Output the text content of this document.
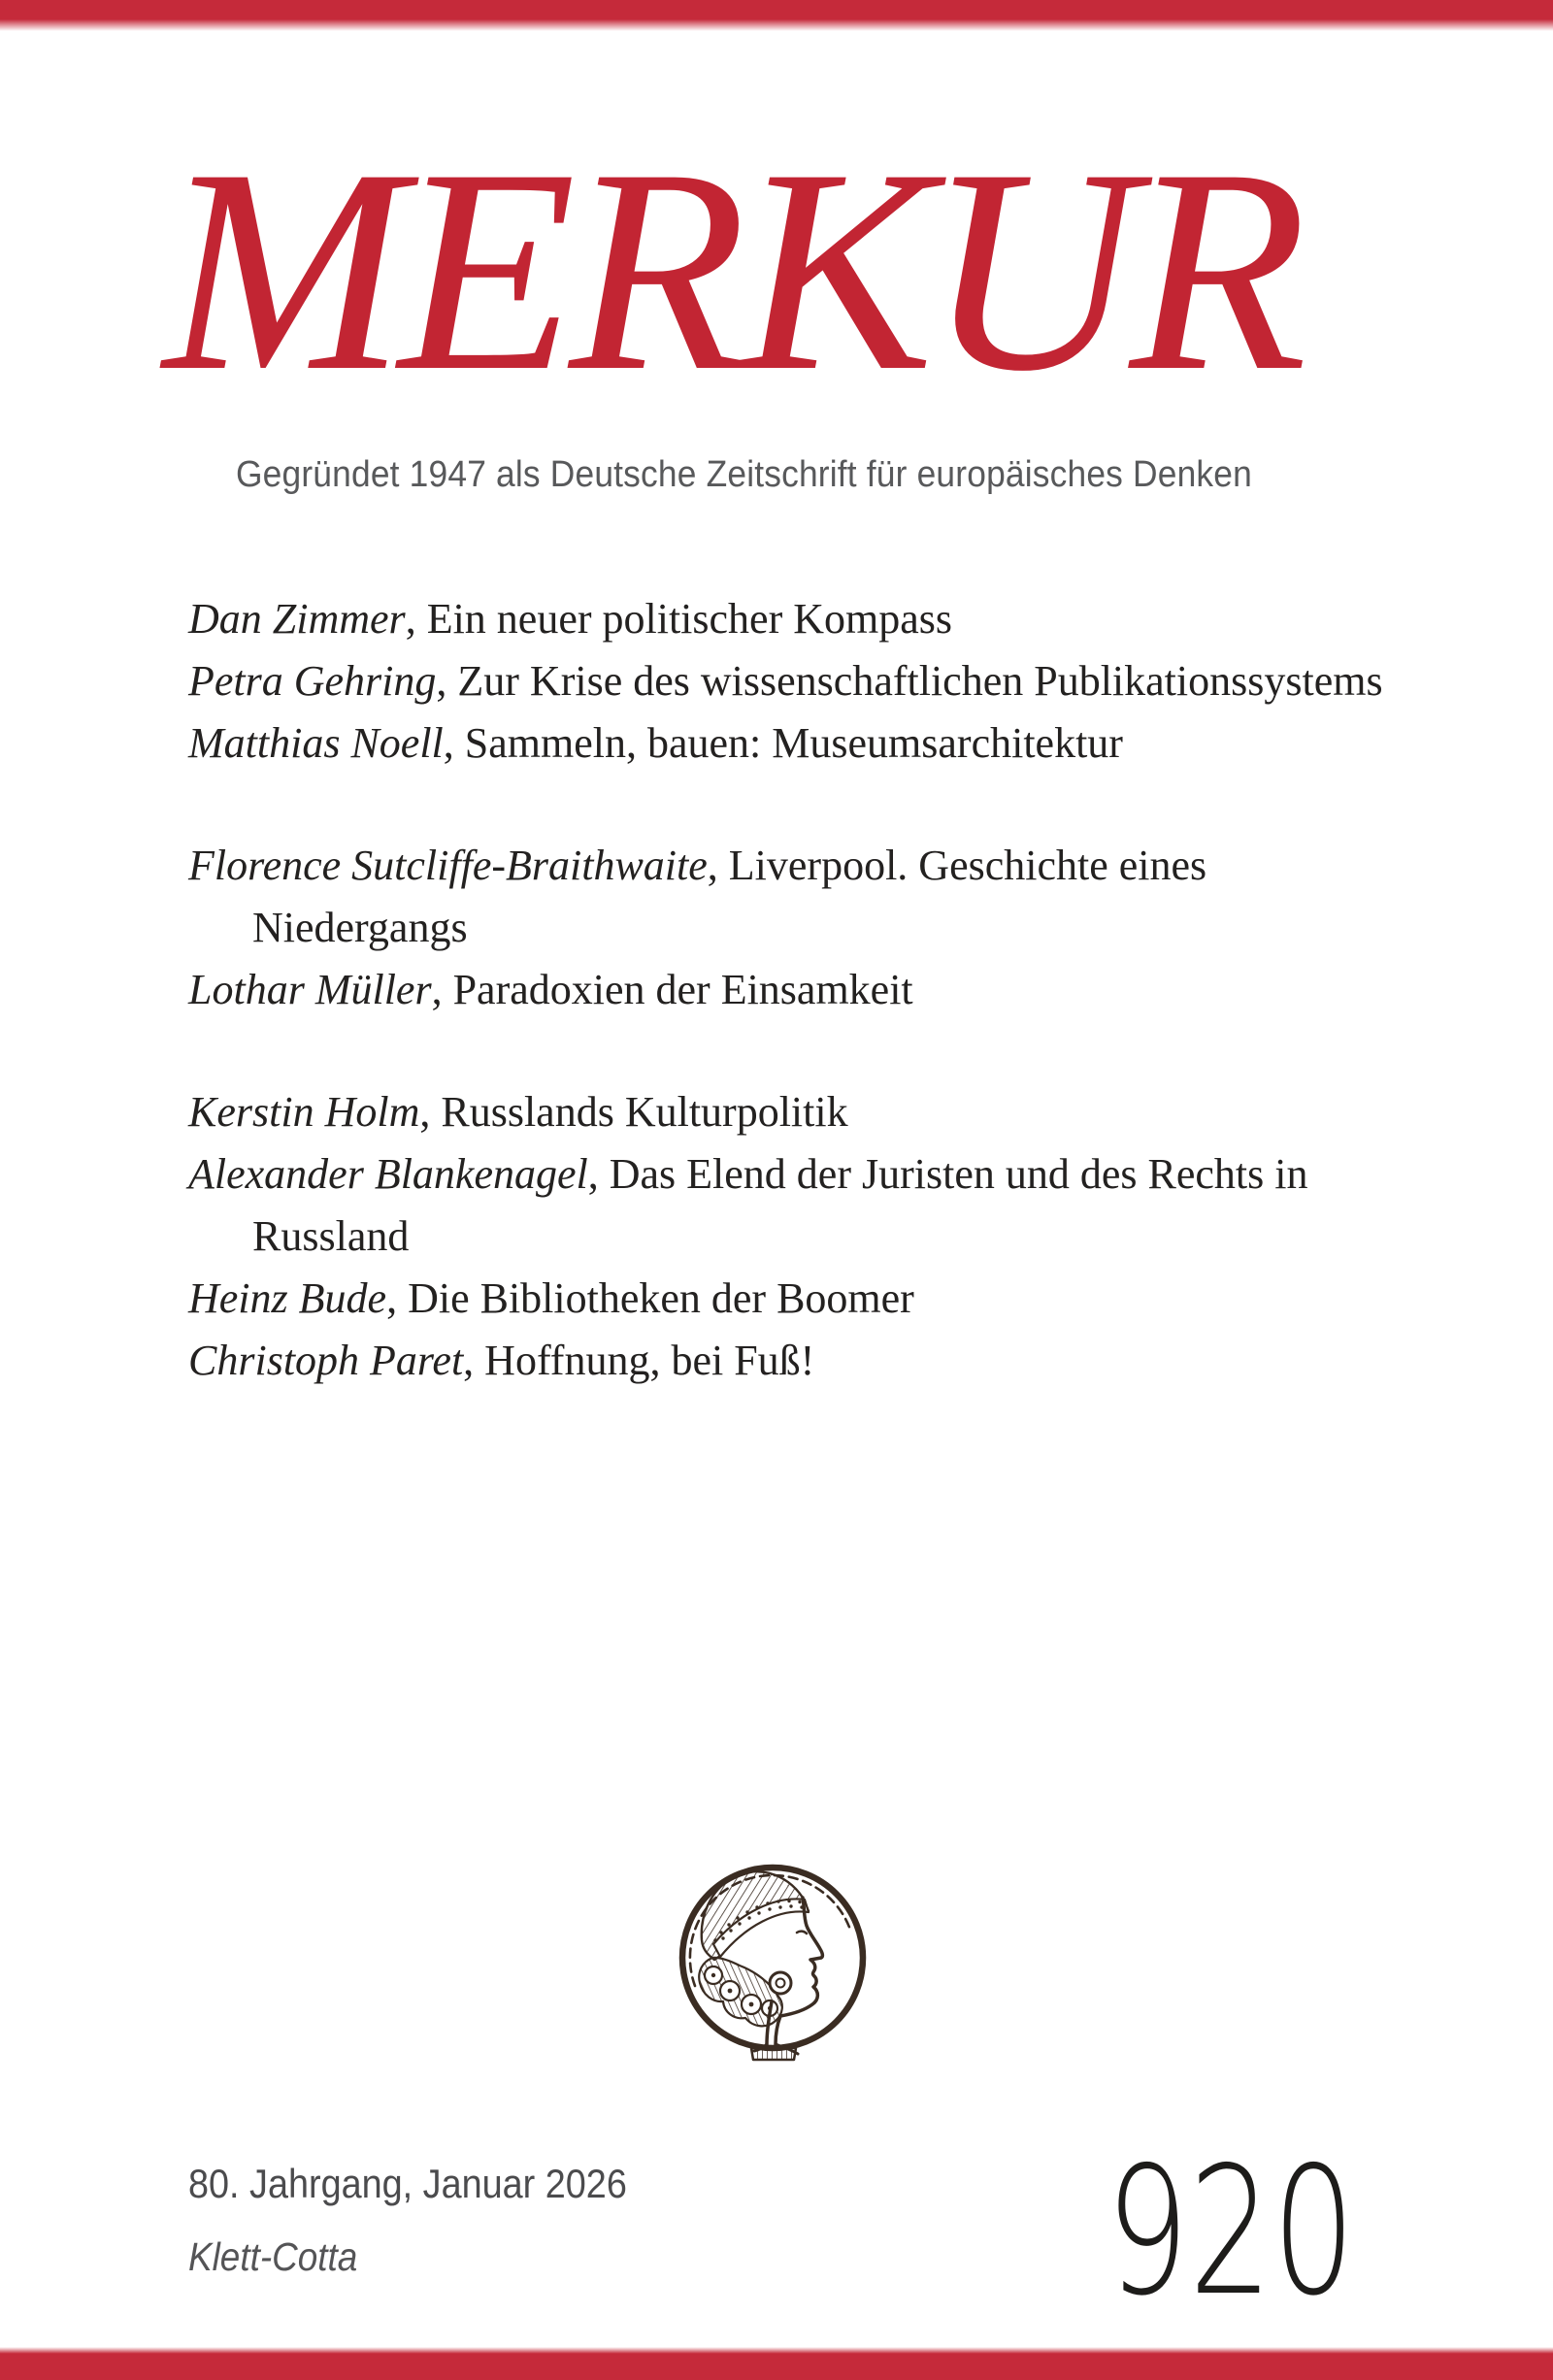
MERKUR

Gegründet 1947 als Deutsche Zeitschrift für europäisches Denken

Dan Zimmer, Ein neuer politischer Kompass

Petra Gehring, Zur Krise des wissenschaftlichen Publikationssystems

Matthias Noell, Sammeln, bauen: Museumsarchitektur

Florence Sutcliffe-Braithwaite, Liverpool. Geschichte eines Niedergangs

Lothar Müller, Paradoxien der Einsamkeit

Kerstin Holm, Russlands Kulturpolitik

Alexander Blankenagel, Das Elend der Juristen und des Rechts in Russland

Heinz Bude, Die Bibliotheken der Boomer

Christoph Paret, Hoffnung, bei Fuß!

80. Jahrgang, Januar 2026

Klett-Cotta	920
